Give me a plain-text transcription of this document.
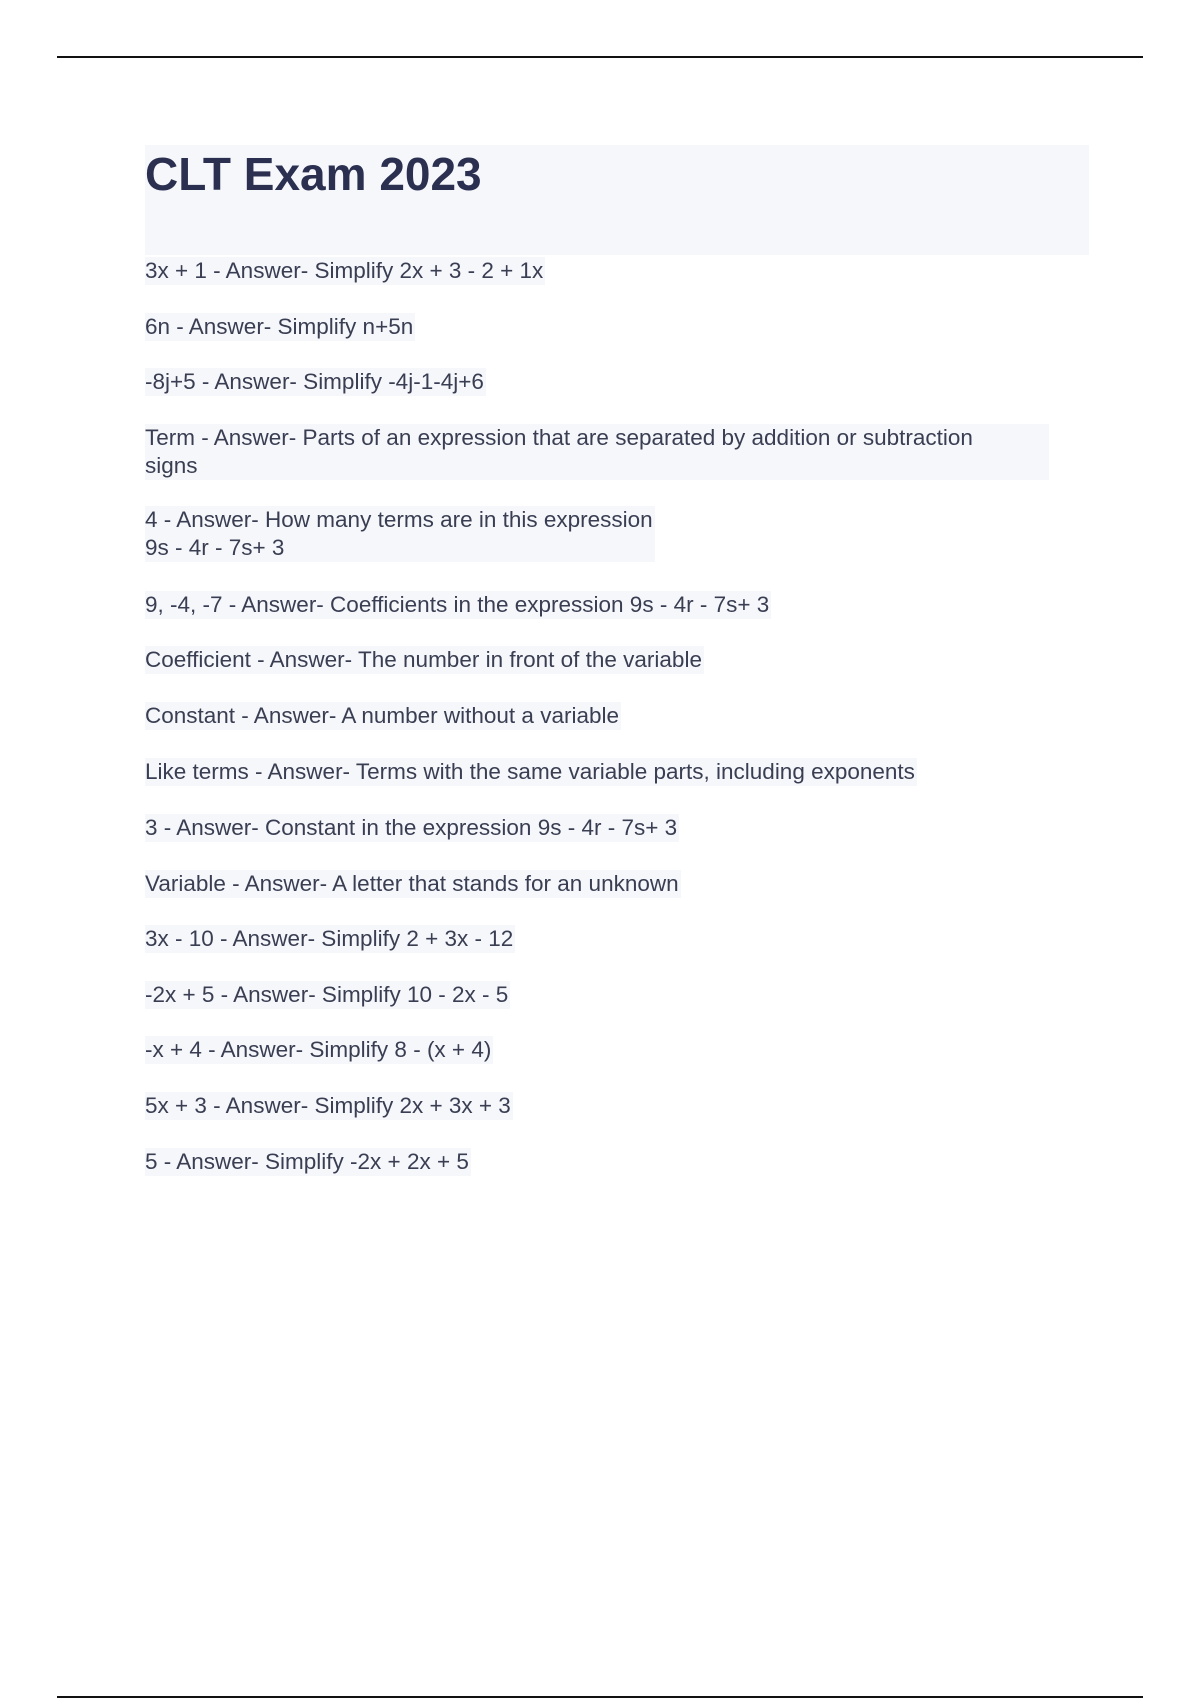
CLT Exam 2023
3x + 1 - Answer- Simplify 2x + 3 - 2 + 1x
6n - Answer- Simplify n+5n
-8j+5 - Answer- Simplify -4j-1-4j+6
Term - Answer- Parts of an expression that are separated by addition or subtraction
signs
4 - Answer- How many terms are in this expression
9s - 4r - 7s+ 3
9, -4, -7 - Answer- Coefficients in the expression 9s - 4r - 7s+ 3
Coefficient - Answer- The number in front of the variable
Constant - Answer- A number without a variable
Like terms - Answer- Terms with the same variable parts, including exponents
3 - Answer- Constant in the expression 9s - 4r - 7s+ 3
Variable - Answer- A letter that stands for an unknown
3x - 10 - Answer- Simplify 2 + 3x - 12
-2x + 5 - Answer- Simplify 10 - 2x - 5
-x + 4 - Answer- Simplify 8 - (x + 4)
5x + 3 - Answer- Simplify 2x + 3x + 3
5 - Answer- Simplify -2x + 2x + 5
